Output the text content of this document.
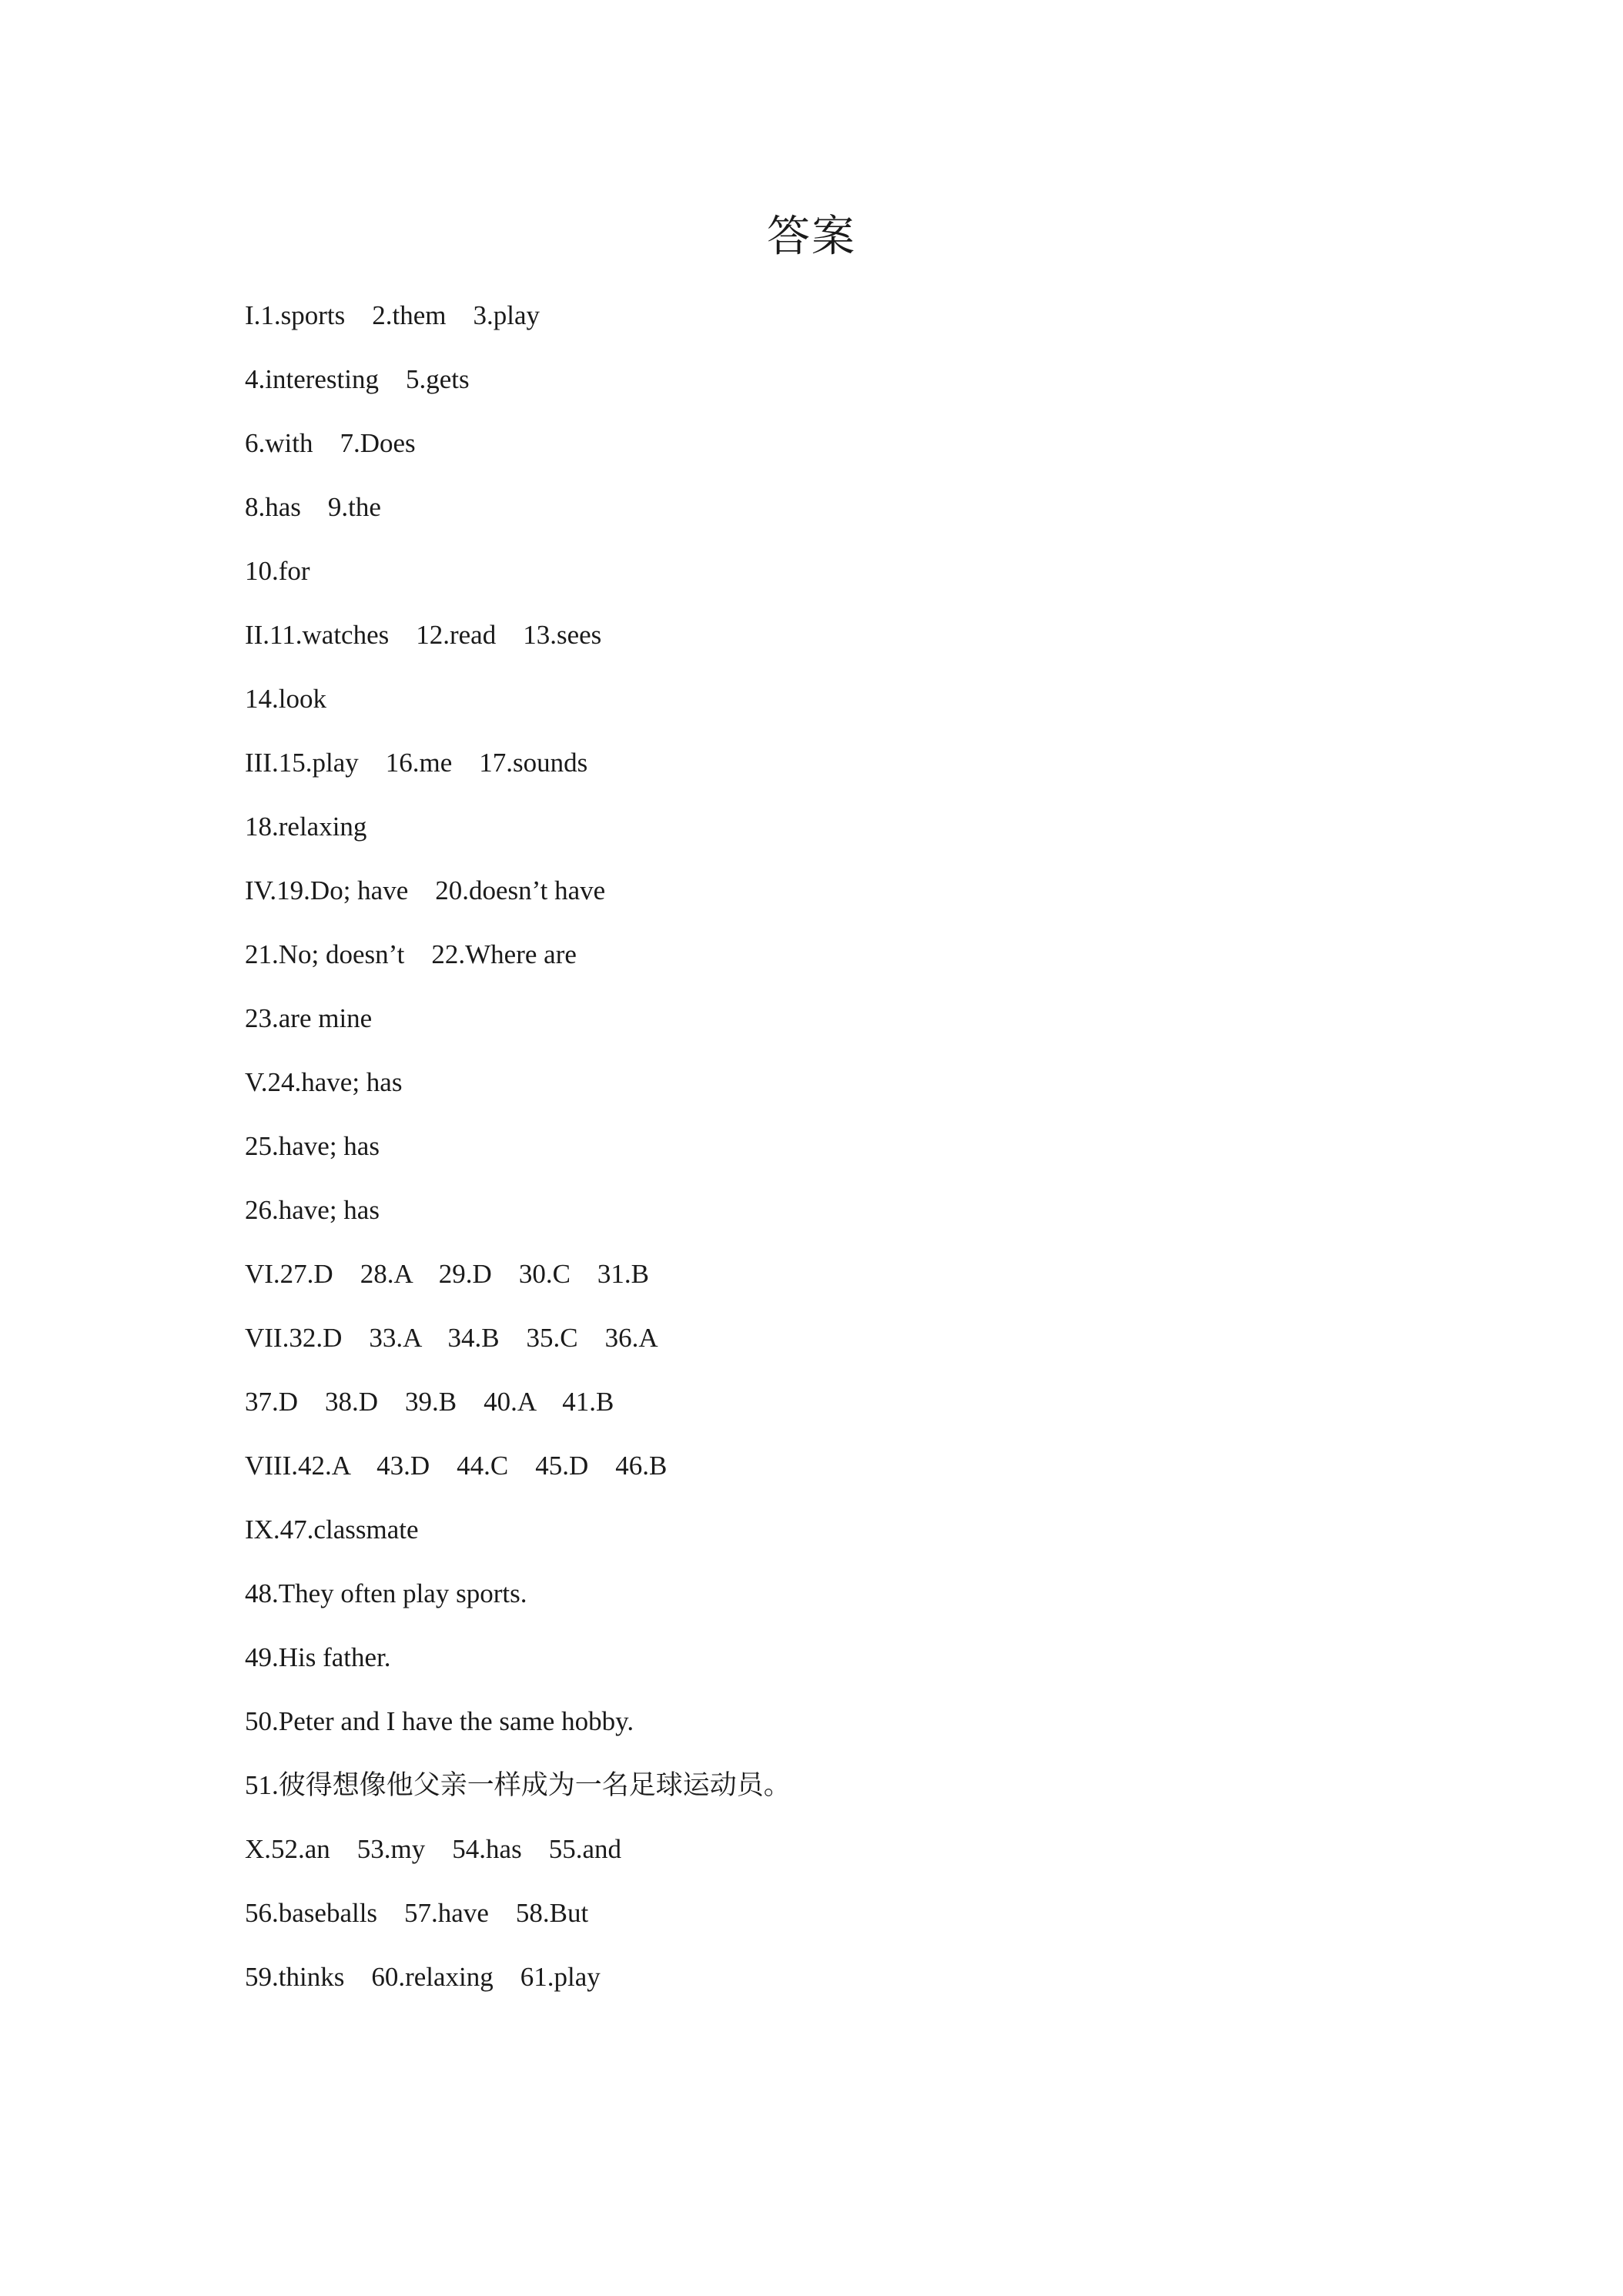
答案
I.1.sports    2.them    3.play
4.interesting    5.gets
6.with    7.Does
8.has    9.the
10.for
II.11.watches    12.read    13.sees
14.look
III.15.play    16.me    17.sounds
18.relaxing
IV.19.Do; have    20.doesn’t have
21.No; doesn’t    22.Where are
23.are mine
V.24.have; has
25.have; has
26.have; has
VI.27.D    28.A    29.D    30.C    31.B
VII.32.D    33.A    34.B    35.C    36.A
37.D    38.D    39.B    40.A    41.B
VIII.42.A    43.D    44.C    45.D    46.B
IX.47.classmate
48.They often play sports.
49.His father.
50.Peter and I have the same hobby.
51.彼得想像他父亲一样成为一名足球运动员。
X.52.an    53.my    54.has    55.and
56.baseballs    57.have    58.But
59.thinks    60.relaxing    61.play
